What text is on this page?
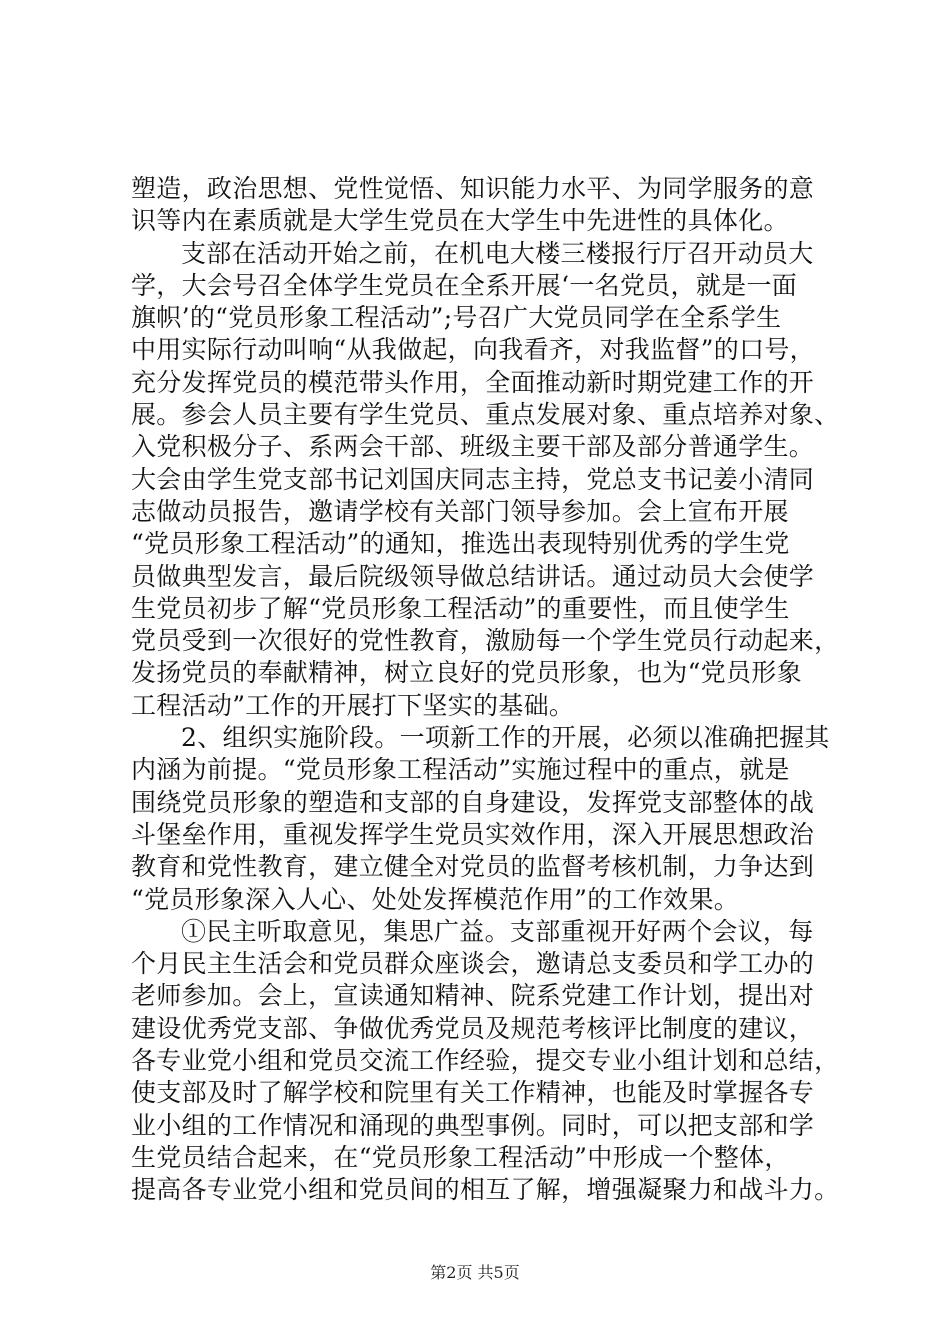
塑造，政治思想、党性觉悟、知识能力水平、为同学服务的意
识等内在素质就是大学生党员在大学生中先进性的具体化。
支部在活动开始之前，在机电大楼三楼报行厅召开动员大
学，大会号召全体学生党员在全系开展‘一名党员，就是一面
旗帜’的“党员形象工程活动”;号召广大党员同学在全系学生
中用实际行动叫响“从我做起，向我看齐，对我监督”的口号，
充分发挥党员的模范带头作用，全面推动新时期党建工作的开
展。参会人员主要有学生党员、重点发展对象、重点培养对象、
入党积极分子、系两会干部、班级主要干部及部分普通学生。
大会由学生党支部书记刘国庆同志主持，党总支书记姜小清同
志做动员报告，邀请学校有关部门领导参加。会上宣布开展
“党员形象工程活动”的通知，推选出表现特别优秀的学生党
员做典型发言，最后院级领导做总结讲话。通过动员大会使学
生党员初步了解“党员形象工程活动”的重要性，而且使学生
党员受到一次很好的党性教育，激励每一个学生党员行动起来，
发扬党员的奉献精神，树立良好的党员形象，也为“党员形象
工程活动”工作的开展打下坚实的基础。
2、组织实施阶段。一项新工作的开展，必须以准确把握其
内涵为前提。“党员形象工程活动”实施过程中的重点，就是
围绕党员形象的塑造和支部的自身建设，发挥党支部整体的战
斗堡垒作用，重视发挥学生党员实效作用，深入开展思想政治
教育和党性教育，建立健全对党员的监督考核机制，力争达到
“党员形象深入人心、处处发挥模范作用”的工作效果。
①民主听取意见，集思广益。支部重视开好两个会议，每
个月民主生活会和党员群众座谈会，邀请总支委员和学工办的
老师参加。会上，宣读通知精神、院系党建工作计划，提出对
建设优秀党支部、争做优秀党员及规范考核评比制度的建议，
各专业党小组和党员交流工作经验，提交专业小组计划和总结，
使支部及时了解学校和院里有关工作精神，也能及时掌握各专
业小组的工作情况和涌现的典型事例。同时，可以把支部和学
生党员结合起来，在“党员形象工程活动”中形成一个整体，
提高各专业党小组和党员间的相互了解，增强凝聚力和战斗力。
第2页 共5页
